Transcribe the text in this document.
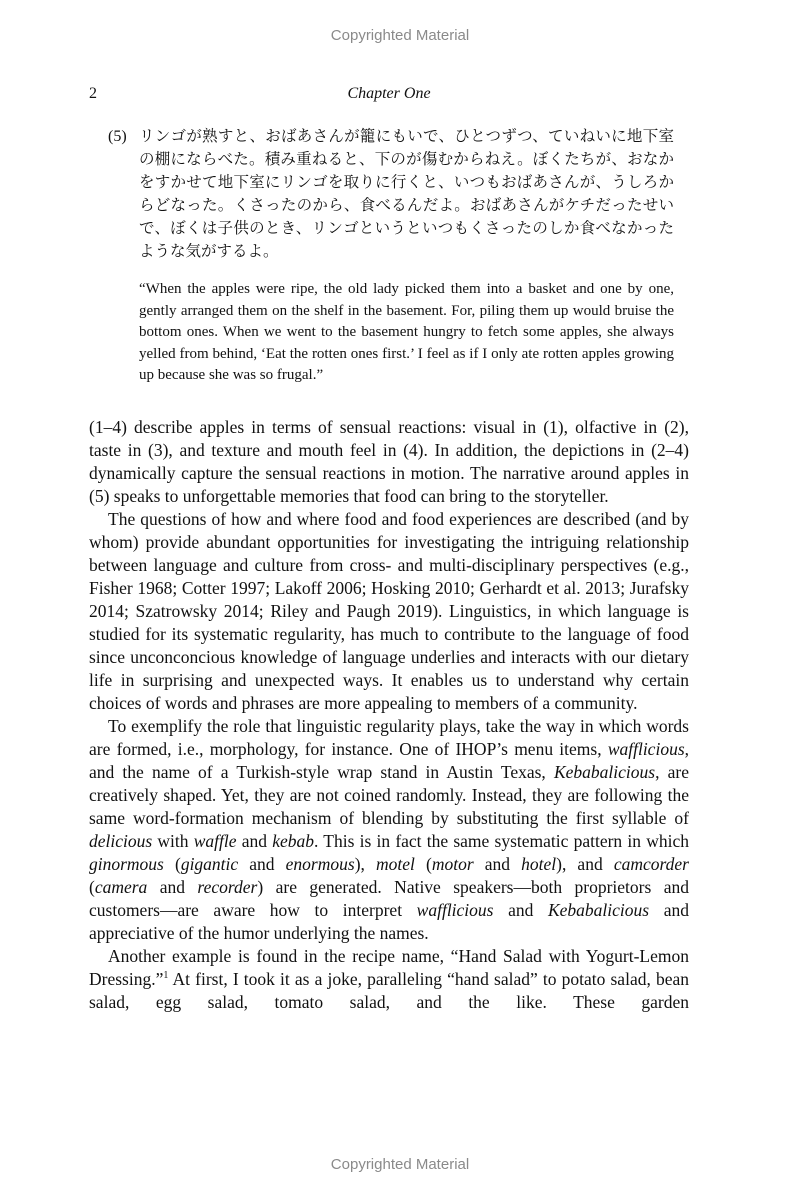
Copyrighted Material
2	Chapter One
(5) リンゴが熟すと、おばあさんが籠にもいで、ひとつずつ、ていねいに地下室の棚にならべた。積み重ねると、下のが傷むからねえ。ぼくたちが、おなかをすかせて地下室にリンゴを取りに行くと、いつもおばあさんが、うしろからどなった。くさったのから、食べるんだよ。おばあさんがケチだったせいで、ぼくは子供のとき、リンゴというといつもくさったのしか食べなかったような気がするよ。
“When the apples were ripe, the old lady picked them into a basket and one by one, gently arranged them on the shelf in the basement. For, piling them up would bruise the bottom ones. When we went to the basement hungry to fetch some apples, she always yelled from behind, ‘Eat the rotten ones first.’ I feel as if I only ate rotten apples growing up because she was so frugal.”

(1–4) describe apples in terms of sensual reactions: visual in (1), olfactive in (2), taste in (3), and texture and mouth feel in (4). In addition, the depictions in (2–4) dynamically capture the sensual reactions in motion. The narrative around apples in (5) speaks to unforgettable memories that food can bring to the storyteller.

The questions of how and where food and food experiences are described (and by whom) provide abundant opportunities for investigating the intriguing relationship between language and culture from cross- and multi-disciplinary perspectives (e.g., Fisher 1968; Cotter 1997; Lakoff 2006; Hosking 2010; Gerhardt et al. 2013; Jurafsky 2014; Szatrowsky 2014; Riley and Paugh 2019). Linguistics, in which language is studied for its systematic regularity, has much to contribute to the language of food since unconconcious knowledge of language underlies and interacts with our dietary life in surprising and unexpected ways. It enables us to understand why certain choices of words and phrases are more appealing to members of a community.

To exemplify the role that linguistic regularity plays, take the way in which words are formed, i.e., morphology, for instance. One of IHOP’s menu items, wafflicious, and the name of a Turkish-style wrap stand in Austin Texas, Kebabalicious, are creatively shaped. Yet, they are not coined randomly. Instead, they are following the same word-formation mechanism of blending by substituting the first syllable of delicious with waffle and kebab. This is in fact the same systematic pattern in which ginormous (gigantic and enormous), motel (motor and hotel), and camcorder (camera and recorder) are generated. Native speakers—both proprietors and customers—are aware how to interpret wafflicious and Kebabalicious and appreciative of the humor underlying the names.

Another example is found in the recipe name, “Hand Salad with Yogurt-Lemon Dressing.”$^1$ At first, I took it as a joke, paralleling “hand salad” to potato salad, bean salad, egg salad, tomato salad, and the like. These garden

Copyrighted Material
